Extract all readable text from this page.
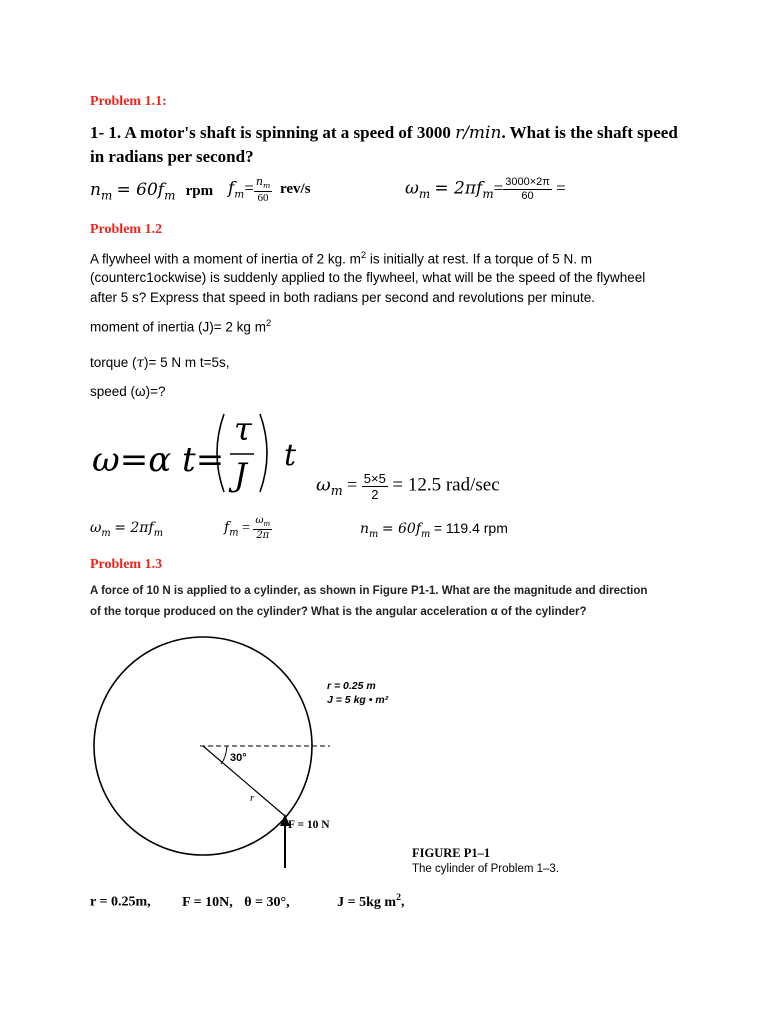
Problem 1.1:
1- 1. A motor's shaft is spinning at a speed of 3000 r/min. What is the shaft speed
in radians per second?
$n_m = 60f_m$ rpm $f_m= \frac{n_m}{60} rev/s$	$\omega_m = 2\pi f_m= \frac{3000\times 2\pi}{60}$ =
Problem 1.2
A flywheel with a moment of inertia of 2 kg. $m^2$ is initially at rest. If a torque of 5 N. m
(counterc1ockwise) is suddenly applied to the flywheel, what will be the speed of the flywheel
after 5 s? Express that speed in both radians per second and revolutions per minute.
moment of inertia (J)= 2 kg $m^2$
torque (τ)= 5 N m t=5s,
speed (ω)=?
ω=α t=
τ
J
t
$\omega_m = \frac{5\times 5}{2} = 12.5$ rad/sec
$\omega_m = 2\pi f_m$	$f_m = \frac{\omega_m}{2\pi}$	$n_m = 60f_m = 119.4$ rpm
Problem 1.3
A force of 10 N is applied to a cylinder, as shown in Figure P1-1. What are the magnitude and direction
of the torque produced on the cylinder? What is the angular acceleration α of the cylinder?
30°
r
F = 10 N
r = 0.25 m
J = 5 kg • m²
FIGURE P1–1
The cylinder of Problem 1–3.
r = 0.25m, F = 10N, θ = 30°,	J = 5kg $m^2$,
